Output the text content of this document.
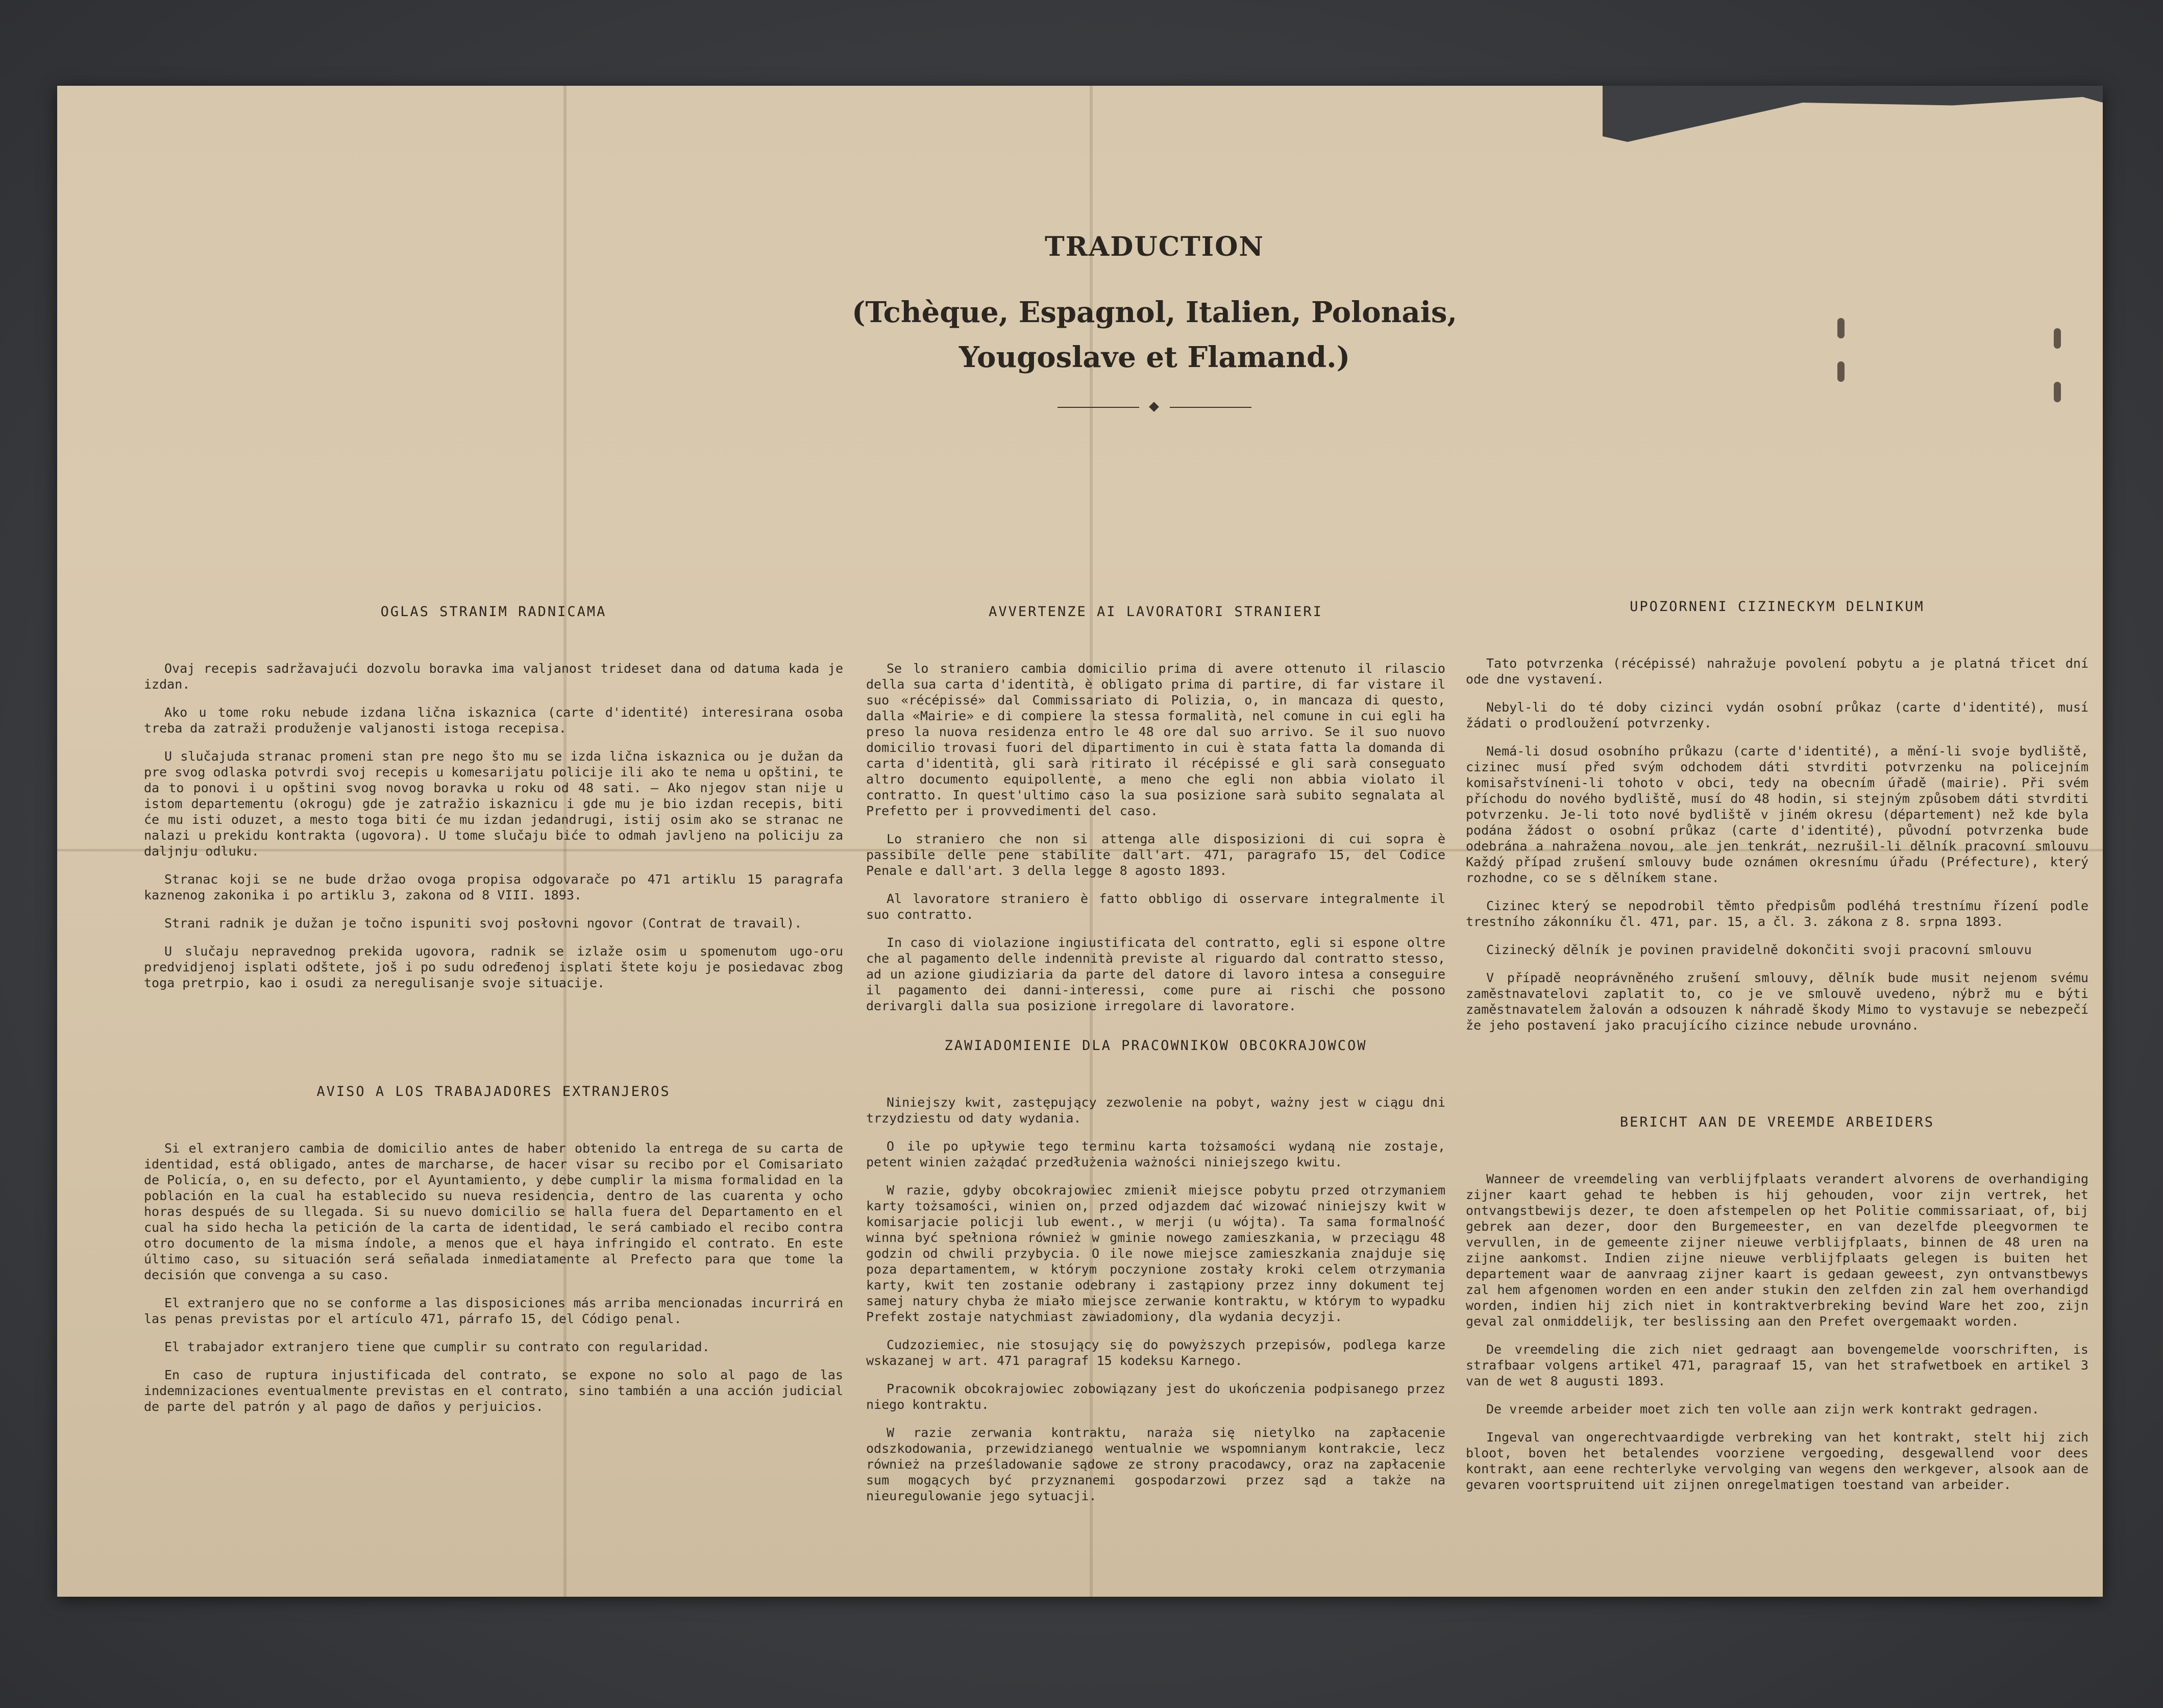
TRADUCTION
(Tchèque, Espagnol, Italien, Polonais,
Yougoslave et Flamand.)
OGLAS STRANIM RADNICAMA

Ovaj recepis sadržavajući dozvolu boravka ima valjanost trideset dana od datuma kada je izdan.

Ako u tome roku nebude izdana lična iskaznica (carte d'identité) interesirana osoba treba da zatraži produženje valjanosti istoga recepisa.

U slučajuda stranac promeni stan pre nego što mu se izda lična iskaznica ou je dužan da pre svog odlaska potvrdi svoj recepis u komesarijatu policije ili ako te nema u opštini, te da to ponovi i u opštini svog novog boravka u roku od 48 sati. — Ako njegov stan nije u istom departementu (okrogu) gde je zatražio iskaznicu i gde mu je bio izdan recepis, biti će mu isti oduzet, a mesto toga biti će mu izdan jedandrugi, istij osim ako se stranac ne nalazi u prekidu kontrakta (ugovora). U tome slučaju biće to odmah javljeno na policiju za daljnju odluku.

Stranac koji se ne bude držao ovoga propisa odgovarače po 471 artiklu 15 paragrafa kaznenog zakonika i po artiklu 3, zakona od 8 VIII. 1893.

Strani radnik je dužan je točno ispuniti svoj posłovni ngovor (Contrat de travail).

U slučaju nepravednog prekida ugovora, radnik se izlaže osim u spomenutom ugo-oru predvidjenoj isplati odštete, još i po sudu određenoj isplati štete koju je posiedavac zbog toga pretrpio, kao i osudi za neregulisanje svoje situacije.

AVVERTENZE AI LAVORATORI STRANIERI

Se lo straniero cambia domicilio prima di avere ottenuto il rilascio della sua carta d'identità, è obligato prima di partire, di far vistare il suo «récépissé» dal Commissariato di Polizia, o, in mancaza di questo, dalla «Mairie» e di compiere la stessa formalità, nel comune in cui egli ha preso la nuova residenza entro le 48 ore dal suo arrivo. Se il suo nuovo domicilio trovasi fuori del dipartimento in cui è stata fatta la domanda di carta d'identità, gli sarà ritirato il récépissé e gli sarà conseguato altro documento equipollente, a meno che egli non abbia violato il contratto. In quest'ultimo caso la sua posizione sarà subito segnalata al Prefetto per i provvedimenti del caso.

Lo straniero che non si attenga alle disposizioni di cui sopra è passibile delle pene stabilite dall'art. 471, paragrafo 15, del Codice Penale e dall'art. 3 della legge 8 agosto 1893.

Al lavoratore straniero è fatto obbligo di osservare integralmente il suo contratto.

In caso di violazione ingiustificata del contratto, egli si espone oltre che al pagamento delle indennità previste al riguardo dal contratto stesso, ad un azione giudiziaria da parte del datore di lavoro intesa a conseguire il pagamento dei danni-interessi, come pure ai rischi che possono derivargli dalla sua posizione irregolare di lavoratore.

UPOZORNENI CIZINECKYM DELNIKUM

Tato potvrzenka (récépissé) nahražuje povolení pobytu a je platná třicet dní ode dne vystavení.

Nebyl-li do té doby cizinci vydán osobní průkaz (carte d'identité), musí žádati o prodloužení potvrzenky.

Nemá-li dosud osobního průkazu (carte d'identité), a mění-li svoje bydliště, cizinec musí před svým odchodem dáti stvrditi potvrzenku na policejním komisařstvíneni-li tohoto v obci, tedy na obecním úřadě (mairie). Při svém příchodu do nového bydliště, musí do 48 hodin, si stejným způsobem dáti stvrditi potvrzenku. Je-li toto nové bydliště v jiném okresu (département) než kde byla podána žádost o osobní průkaz (carte d'identité), původní potvrzenka bude odebrána a nahražena novou, ale jen tenkrát, nezrušil-li dělník pracovní smlouvu Každý případ zrušení smlouvy bude oznámen okresnímu úřadu (Préfecture), který rozhodne, co se s dělníkem stane.

Cizinec který se nepodrobil těmto předpisům podléhá trestnímu řízení podle trestního zákonníku čl. 471, par. 15, a čl. 3. zákona z 8. srpna 1893.

Cizinecký dělník je povinen pravidelně dokončiti svoji pracovní smlouvu

V případě neoprávněného zrušení smlouvy, dělník bude musit nejenom svému zaměstnavatelovi zaplatit to, co je ve smlouvě uvedeno, nýbrž mu e býti zaměstnavatelem žalován a odsouzen k náhradě škody Mimo to vystavuje se nebezpečí že jeho postavení jako pracujícího cizince nebude urovnáno.

AVISO A LOS TRABAJADORES EXTRANJEROS

Si el extranjero cambia de domicilio antes de haber obtenido la entrega de su carta de identidad, está obligado, antes de marcharse, de hacer visar su recibo por el Comisariato de Policía, o, en su defecto, por el Ayuntamiento, y debe cumplir la misma formalidad en la población en la cual ha establecido su nueva residencia, dentro de las cuarenta y ocho horas después de su llegada. Si su nuevo domicilio se halla fuera del Departamento en el cual ha sido hecha la petición de la carta de identidad, le será cambiado el recibo contra otro documento de la misma índole, a menos que el haya infringido el contrato. En este último caso, su situación será señalada inmediatamente al Prefecto para que tome la decisión que convenga a su caso.

El extranjero que no se conforme a las disposiciones más arriba mencionadas incurrirá en las penas previstas por el artículo 471, párrafo 15, del Código penal.

El trabajador extranjero tiene que cumplir su contrato con regularidad.

En caso de ruptura injustificada del contrato, se expone no solo al pago de las indemnizaciones eventualmente previstas en el contrato, sino también a una acción judicial de parte del patrón y al pago de daños y perjuicios.

ZAWIADOMIENIE DLA PRACOWNIKOW OBCOKRAJOWCOW

Niniejszy kwit, zastępujący zezwolenie na pobyt, ważny jest w ciągu dni trzydziestu od daty wydania.

O ile po upływie tego terminu karta tożsamości wydaną nie zostaje, petent winien zażądać przedłużenia ważności niniejszego kwitu.

W razie, gdyby obcokrajowiec zmienił miejsce pobytu przed otrzymaniem karty tożsamości, winien on, przed odjazdem dać wizować niniejszy kwit w komisarjacie policji lub ewent., w merji (u wójta). Ta sama formalność winna być spełniona również w gminie nowego zamieszkania, w przeciągu 48 godzin od chwili przybycia. O ile nowe miejsce zamieszkania znajduje się poza departamentem, w którym poczynione zostały kroki celem otrzymania karty, kwit ten zostanie odebrany i zastąpiony przez inny dokument tej samej natury chyba że miało miejsce zerwanie kontraktu, w którym to wypadku Prefekt zostaje natychmiast zawiadomiony, dla wydania decyzji.

Cudzoziemiec, nie stosujący się do powyższych przepisów, podlega karze wskazanej w art. 471 paragraf 15 kodeksu Karnego.

Pracownik obcokrajowiec zobowiązany jest do ukończenia podpisanego przez niego kontraktu.

W razie zerwania kontraktu, naraża się nietylko na zapłacenie odszkodowania, przewidzianego wentualnie we wspomnianym kontrakcie, lecz również na prześladowanie sądowe ze strony pracodawcy, oraz na zapłacenie sum mogących być przyznanemi gospodarzowi przez sąd a także na nieuregulowanie jego sytuacji.

BERICHT AAN DE VREEMDE ARBEIDERS

Wanneer de vreemdeling van verblijfplaats verandert alvorens de overhandiging zijner kaart gehad te hebben is hij gehouden, voor zijn vertrek, het ontvangstbewijs dezer, te doen afstempelen op het Politie commissariaat, of, bij gebrek aan dezer, door den Burgemeester, en van dezelfde pleegvormen te vervullen, in de gemeente zijner nieuwe verblijfplaats, binnen de 48 uren na zijne aankomst. Indien zijne nieuwe verblijfplaats gelegen is buiten het departement waar de aanvraag zijner kaart is gedaan geweest, zyn ontvanstbewys zal hem afgenomen worden en een ander stukin den zelfden zin zal hem overhandigd worden, indien hij zich niet in kontraktverbreking bevind Ware het zoo, zijn geval zal onmiddelijk, ter beslissing aan den Prefet overgemaakt worden.

De vreemdeling die zich niet gedraagt aan bovengemelde voorschriften, is strafbaar volgens artikel 471, paragraaf 15, van het strafwetboek en artikel 3 van de wet 8 augusti 1893.

De vreemde arbeider moet zich ten volle aan zijn werk kontrakt gedragen.

Ingeval van ongerechtvaardigde verbreking van het kontrakt, stelt hij zich bloot, boven het betalendes voorziene vergoeding, desgewallend voor dees kontrakt, aan eene rechterlyke vervolging van wegens den werkgever, alsook aan de gevaren voortspruitend uit zijnen onregelmatigen toestand van arbeider.
